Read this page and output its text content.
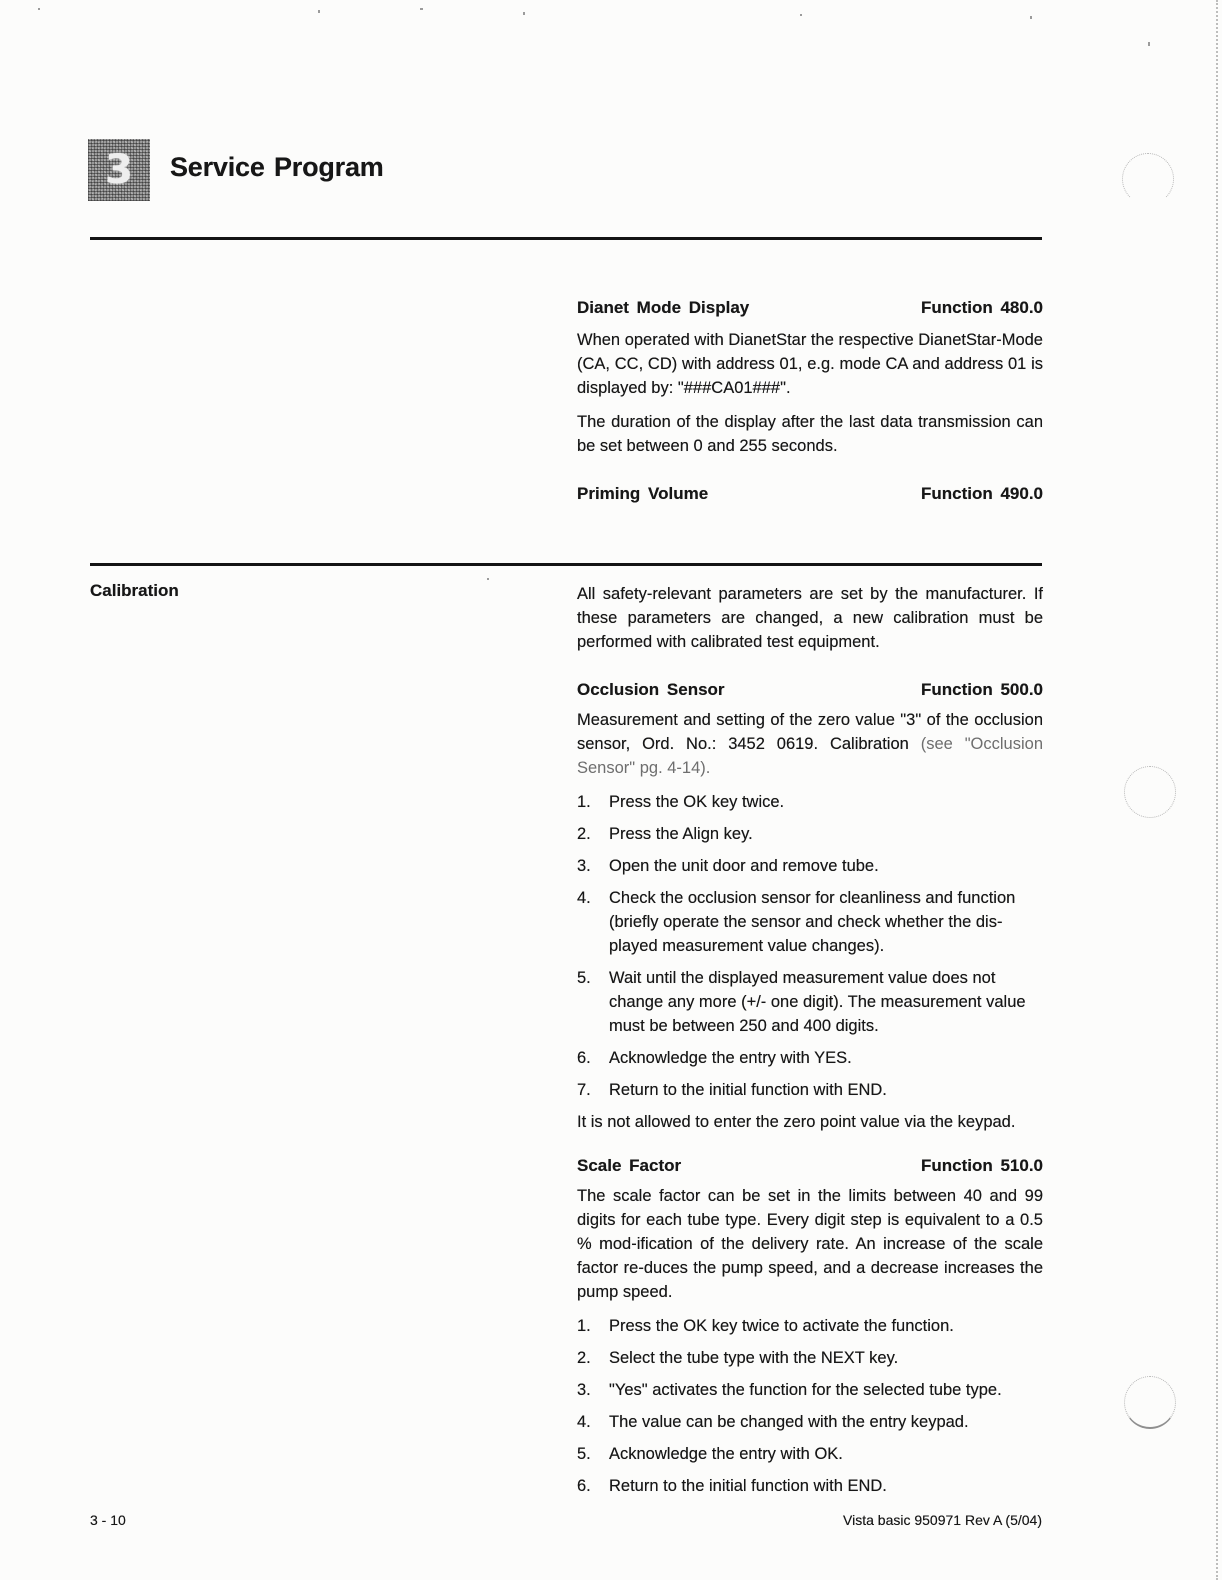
3 Service Program
Dianet Mode Display	Function 480.0

When operated with DianetStar the respective DianetStar-Mode (CA, CC, CD) with address 01, e.g. mode CA and address 01 is displayed by: "###CA01###".

The duration of the display after the last data transmission can be set between 0 and 255 seconds.

Priming Volume	Function 490.0
Calibration	All safety-relevant parameters are set by the manufacturer. If these parameters are changed, a new calibration must be performed with calibrated test equipment.

Occlusion Sensor	Function 500.0

Measurement and setting of the zero value "3" of the occlusion sensor, Ord. No.: 3452 0619. Calibration (see "Occlusion Sensor" pg. 4-14).

1.	Press the OK key twice.
2.	Press the Align key.
3.	Open the unit door and remove tube.
4.	Check the occlusion sensor for cleanliness and function (briefly operate the sensor and check whether the dis-played measurement value changes).
5.	Wait until the displayed measurement value does not change any more (+/- one digit). The measurement value must be between 250 and 400 digits.
6.	Acknowledge the entry with YES.
7.	Return to the initial function with END.

It is not allowed to enter the zero point value via the keypad.

Scale Factor	Function 510.0

The scale factor can be set in the limits between 40 and 99 digits for each tube type. Every digit step is equivalent to a 0.5 % mod-ification of the delivery rate. An increase of the scale factor re-duces the pump speed, and a decrease increases the pump speed.

1.	Press the OK key twice to activate the function.
2.	Select the tube type with the NEXT key.
3.	"Yes" activates the function for the selected tube type.
4.	The value can be changed with the entry keypad.
5.	Acknowledge the entry with OK.
6.	Return to the initial function with END.
3 - 10	Vista basic 950971 Rev A (5/04)
